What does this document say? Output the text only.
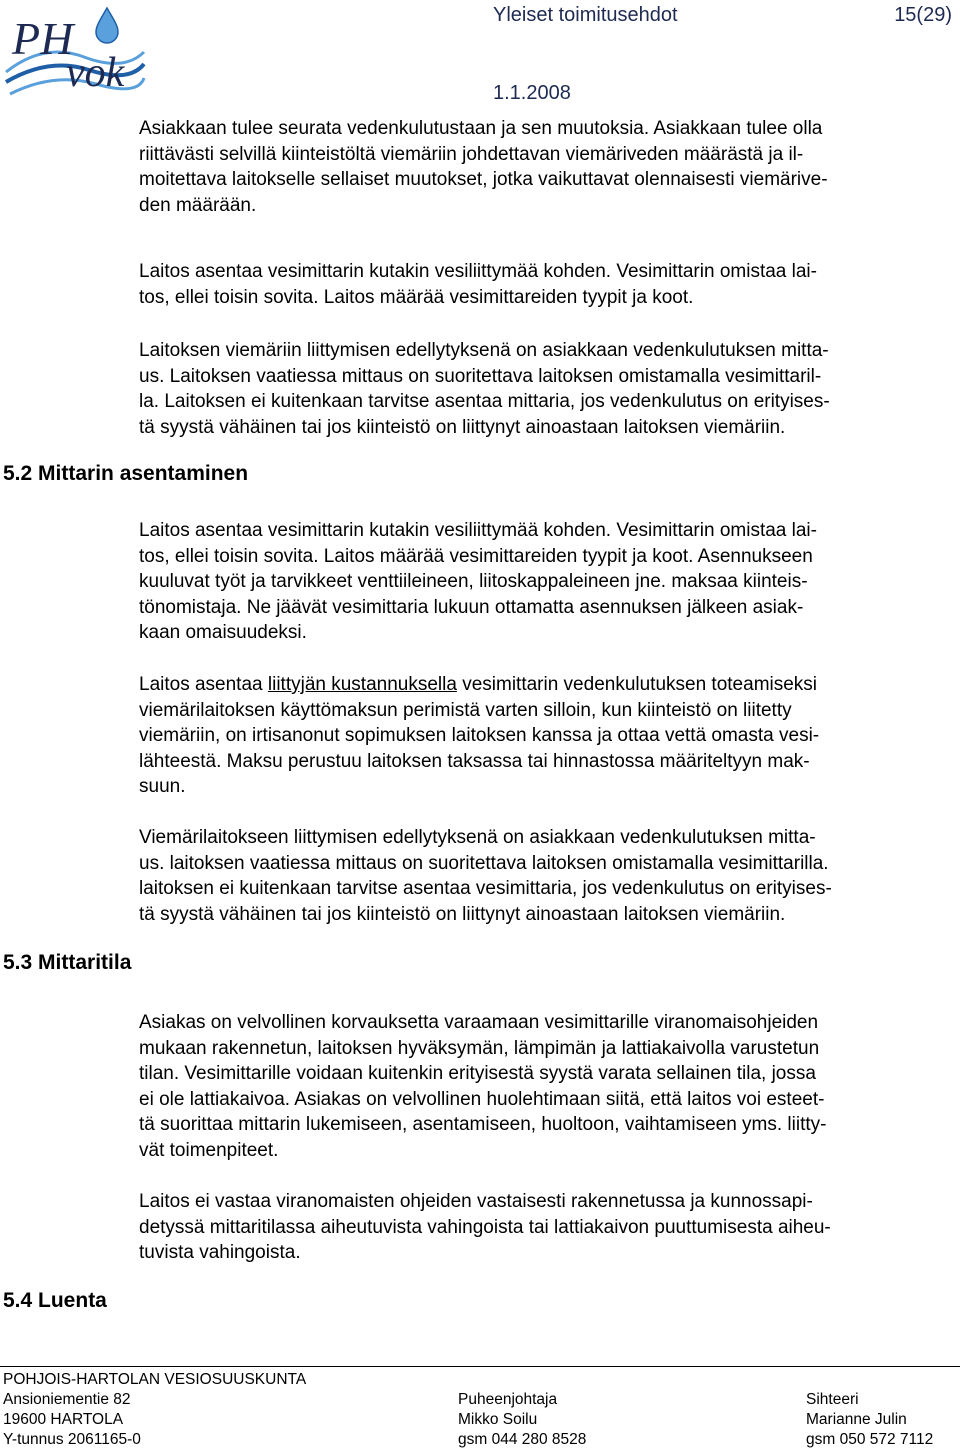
PH
vok
Yleiset toimitusehdot	15(29)
1.1.2008

Asiakkaan tulee seurata vedenkulutustaan ja sen muutoksia. Asiakkaan tulee olla
riittävästi selvillä kiinteistöltä viemäriin johdettavan viemäriveden määrästä ja il-
moitettava laitokselle sellaiset muutokset, jotka vaikuttavat olennaisesti viemärive-
den määrään.

Laitos asentaa vesimittarin kutakin vesiliittymää kohden. Vesimittarin omistaa lai-
tos, ellei toisin sovita. Laitos määrää vesimittareiden tyypit ja koot.

Laitoksen viemäriin liittymisen edellytyksenä on asiakkaan vedenkulutuksen mitta-
us. Laitoksen vaatiessa mittaus on suoritettava laitoksen omistamalla vesimittaril-
la. Laitoksen ei kuitenkaan tarvitse asentaa mittaria, jos vedenkulutus on erityises-
tä syystä vähäinen tai jos kiinteistö on liittynyt ainoastaan laitoksen viemäriin.

5.2 Mittarin asentaminen

Laitos asentaa vesimittarin kutakin vesiliittymää kohden. Vesimittarin omistaa lai-
tos, ellei toisin sovita. Laitos määrää vesimittareiden tyypit ja koot. Asennukseen
kuuluvat työt ja tarvikkeet venttiileineen, liitoskappaleineen jne. maksaa kiinteis-
tönomistaja. Ne jäävät vesimittaria lukuun ottamatta asennuksen jälkeen asiak-
kaan omaisuudeksi.

Laitos asentaa liittyjän kustannuksella vesimittarin vedenkulutuksen toteamiseksi
viemärilaitoksen käyttömaksun perimistä varten silloin, kun kiinteistö on liitetty
viemäriin, on irtisanonut sopimuksen laitoksen kanssa ja ottaa vettä omasta vesi-
lähteestä. Maksu perustuu laitoksen taksassa tai hinnastossa määriteltyyn mak-
suun.

Viemärilaitokseen liittymisen edellytyksenä on asiakkaan vedenkulutuksen mitta-
us. laitoksen vaatiessa mittaus on suoritettava laitoksen omistamalla vesimittarilla.
laitoksen ei kuitenkaan tarvitse asentaa vesimittaria, jos vedenkulutus on erityises-
tä syystä vähäinen tai jos kiinteistö on liittynyt ainoastaan laitoksen viemäriin.

5.3 Mittaritila

Asiakas on velvollinen korvauksetta varaamaan vesimittarille viranomaisohjeiden
mukaan rakennetun, laitoksen hyväksymän, lämpimän ja lattiakaivolla varustetun
tilan. Vesimittarille voidaan kuitenkin erityisestä syystä varata sellainen tila, jossa
ei ole lattiakaivoa. Asiakas on velvollinen huolehtimaan siitä, että laitos voi esteet-
tä suorittaa mittarin lukemiseen, asentamiseen, huoltoon, vaihtamiseen yms. liitty-
vät toimenpiteet.

Laitos ei vastaa viranomaisten ohjeiden vastaisesti rakennetussa ja kunnossapi-
detyssä mittaritilassa aiheutuvista vahingoista tai lattiakaivon puuttumisesta aiheu-
tuvista vahingoista.

5.4 Luenta
POHJOIS-HARTOLAN VESIOSUUSKUNTA
Ansioniementie 82
19600 HARTOLA
Y-tunnus 2061165-0
Puheenjohtaja
Mikko Soilu
gsm 044 280 8528
Sihteeri
Marianne Julin
gsm 050 572 7112
